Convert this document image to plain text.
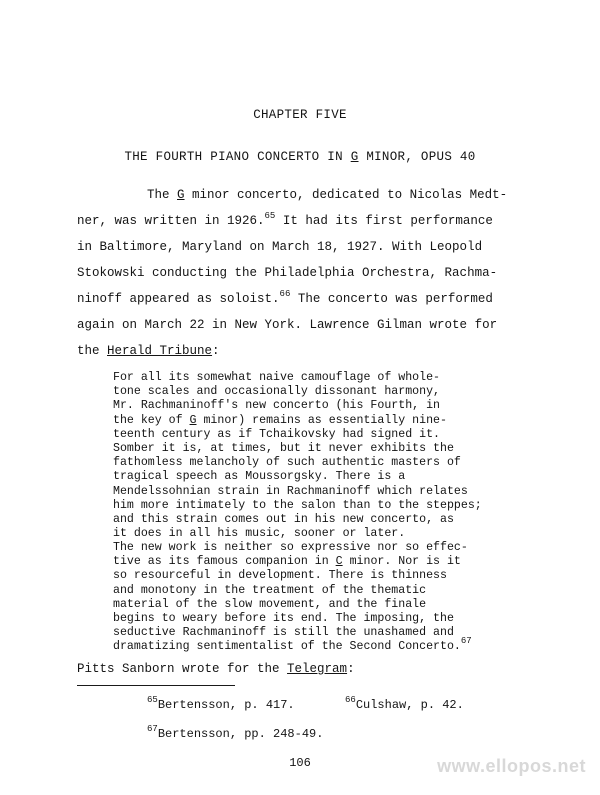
CHAPTER FIVE
THE FOURTH PIANO CONCERTO IN G MINOR, OPUS 40
The G minor concerto, dedicated to Nicolas Medt-
ner, was written in 1926.65 It had its first performance
in Baltimore, Maryland on March 18, 1927. With Leopold
Stokowski conducting the Philadelphia Orchestra, Rachma-
ninoff appeared as soloist.$^{66}$ The concerto was performed
again on March 22 in New York. Lawrence Gilman wrote for
the Herald Tribune:
For all its somewhat naive camouflage of whole-
tone scales and occasionally dissonant harmony,
Mr. Rachmaninoff's new concerto (his Fourth, in
the key of G minor) remains as essentially nine-
teenth century as if Tchaikovsky had signed it.
Somber it is, at times, but it never exhibits the
fathomless melancholy of such authentic masters of
tragical speech as Moussorgsky. There is a
Mendelssohnian strain in Rachmaninoff which relates
him more intimately to the salon than to the steppes;
and this strain comes out in his new concerto, as
it does in all his music, sooner or later.
The new work is neither so expressive nor so effec-
tive as its famous companion in C minor. Nor is it
so resourceful in development. There is thinness
and monotony in the treatment of the thematic
material of the slow movement, and the finale
begins to weary before its end. The imposing, the
seductive Rachmaninoff is still the unashamed and
dramatizing sentimentalist of the Second Concerto.$^{67}$
Pitts Sanborn wrote for the Telegram:
$^{65}$Bertensson, p. 417.	$^{66}$Culshaw, p. 42.
$^{67}$Bertensson, pp. 248-49.
106	www.ellopos.net
